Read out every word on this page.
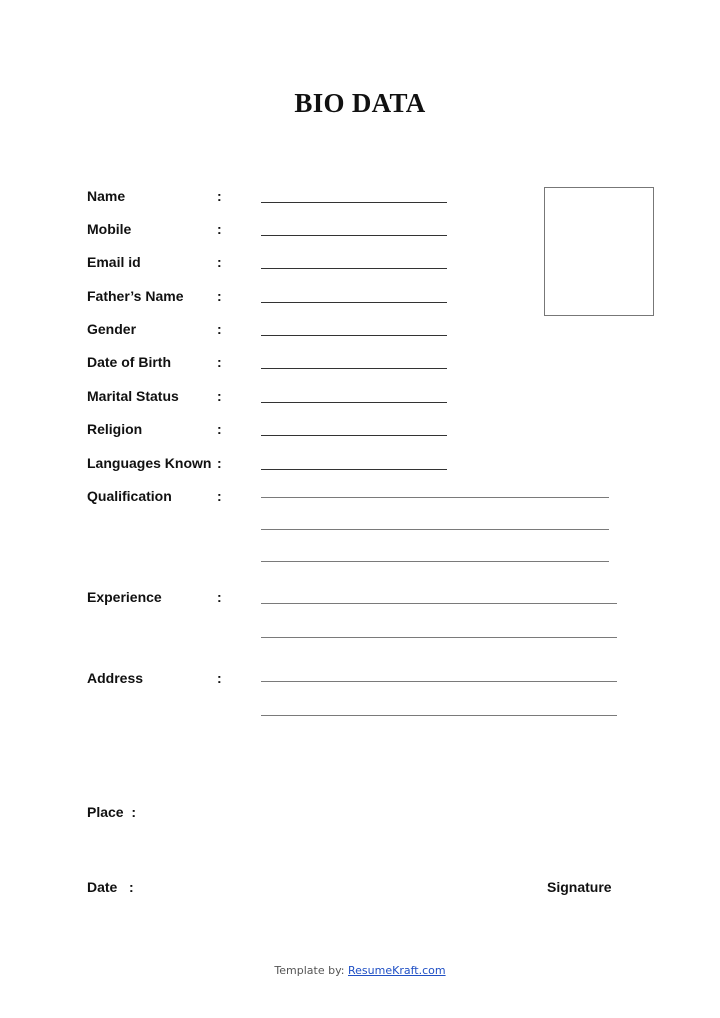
BIO DATA
Name	:
Mobile	:
Email id	:
Father’s Name :
Gender	:
Date of Birth	:
Marital Status	:
Religion	:
Languages Known :
Qualification	:
Experience	:
Address	:
Place  :
Date   :	Signature
Template by: ResumeKraft.com
